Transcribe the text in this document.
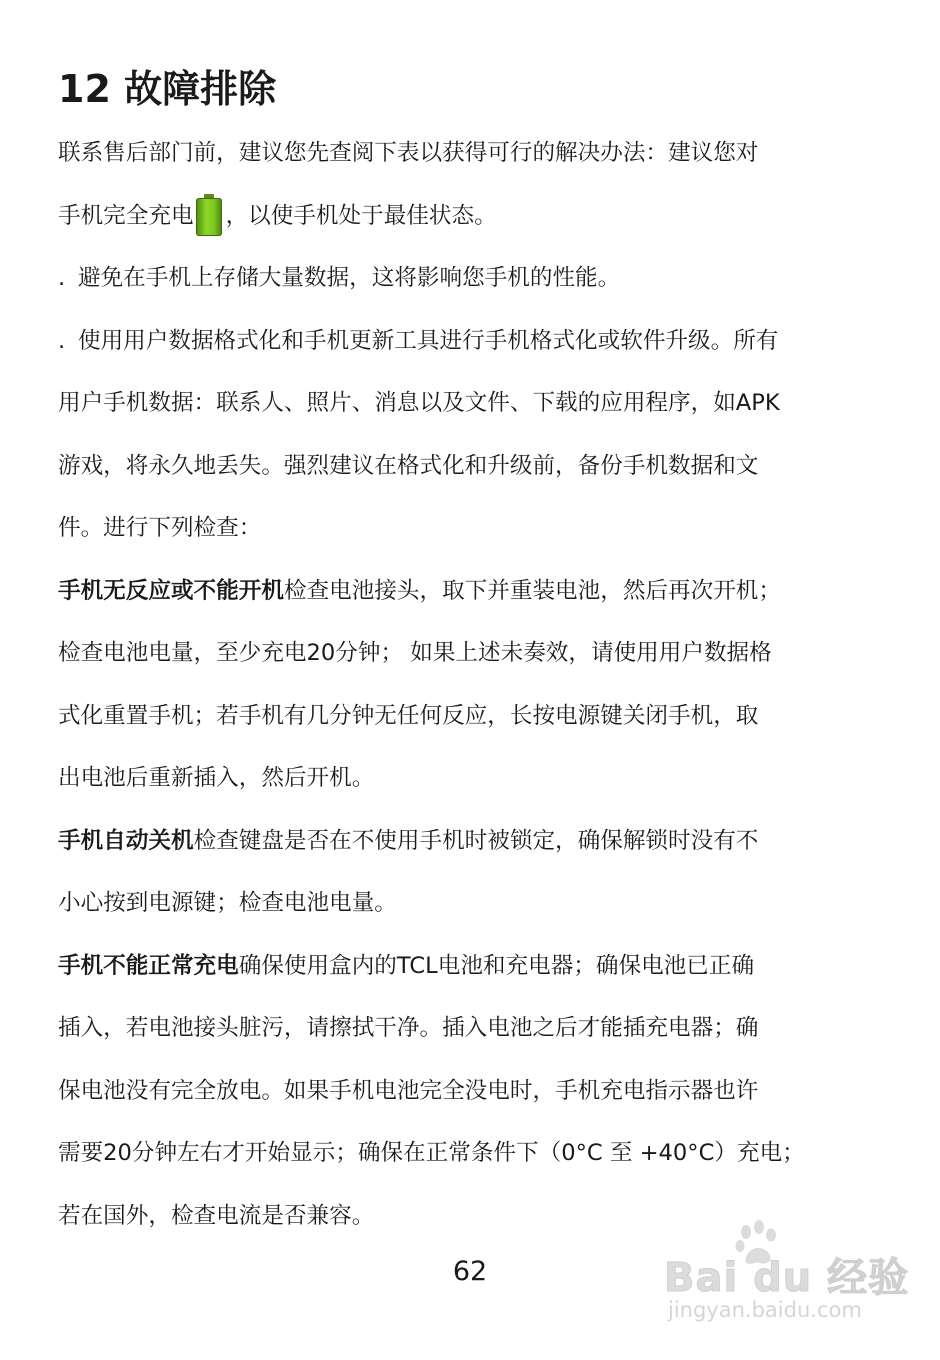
12 故障排除
联系售后部门前，建议您先查阅下表以获得可行的解决办法：建议您对
手机完全充电 ，以使手机处于最佳状态。
. 避免在手机上存储大量数据，这将影响您手机的性能。
. 使用用户数据格式化和手机更新工具进行手机格式化或软件升级。所有
用户手机数据：联系人、照片、消息以及文件、下载的应用程序，如APK
游戏，将永久地丢失。强烈建议在格式化和升级前，备份手机数据和文
件。进行下列检查：
手机无反应或不能开机检查电池接头，取下并重装电池，然后再次开机；
检查电池电量，至少充电20分钟； 如果上述未奏效，请使用用户数据格
式化重置手机；若手机有几分钟无任何反应，长按电源键关闭手机，取
出电池后重新插入，然后开机。
手机自动关机检查键盘是否在不使用手机时被锁定，确保解锁时没有不
小心按到电源键；检查电池电量。
手机不能正常充电确保使用盒内的TCL电池和充电器；确保电池已正确
插入，若电池接头脏污，请擦拭干净。插入电池之后才能插充电器；确
保电池没有完全放电。如果手机电池完全没电时，手机充电指示器也许
需要20分钟左右才开始显示；确保在正常条件下（0°C 至 +40°C）充电；
若在国外，检查电流是否兼容。
62	Bai du 经验
jingyan.baidu.com
